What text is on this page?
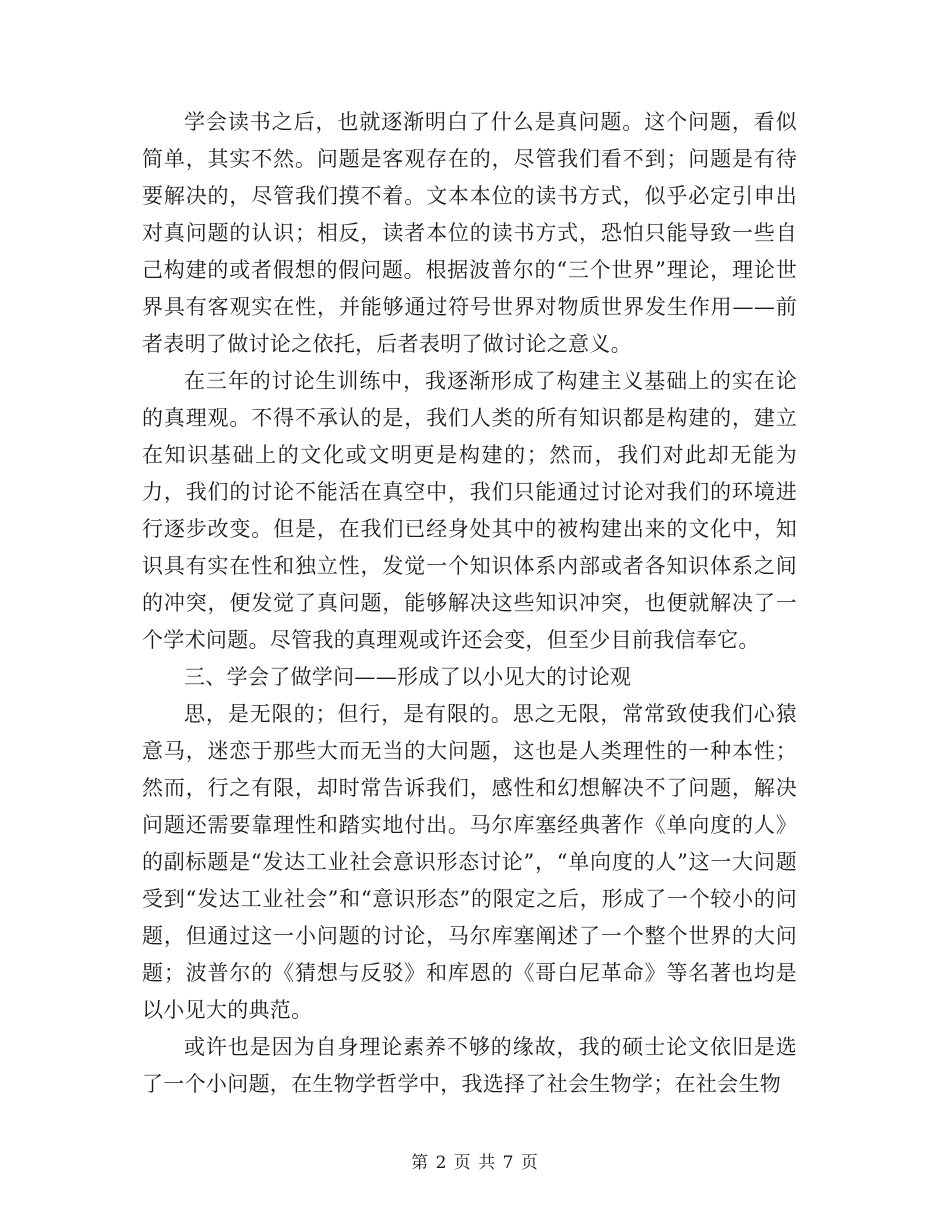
学会读书之后，也就逐渐明白了什么是真问题。这个问题，看似简单，其实不然。问题是客观存在的，尽管我们看不到；问题是有待要解决的，尽管我们摸不着。文本本位的读书方式，似乎必定引申出对真问题的认识；相反，读者本位的读书方式，恐怕只能导致一些自己构建的或者假想的假问题。根据波普尔的“三个世界”理论，理论世界具有客观实在性，并能够通过符号世界对物质世界发生作用——前者表明了做讨论之依托，后者表明了做讨论之意义。

在三年的讨论生训练中，我逐渐形成了构建主义基础上的实在论的真理观。不得不承认的是，我们人类的所有知识都是构建的，建立在知识基础上的文化或文明更是构建的；然而，我们对此却无能为力，我们的讨论不能活在真空中，我们只能通过讨论对我们的环境进行逐步改变。但是，在我们已经身处其中的被构建出来的文化中，知识具有实在性和独立性，发觉一个知识体系内部或者各知识体系之间的冲突，便发觉了真问题，能够解决这些知识冲突，也便就解决了一个学术问题。尽管我的真理观或许还会变，但至少目前我信奉它。

三、学会了做学问——形成了以小见大的讨论观

思，是无限的；但行，是有限的。思之无限，常常致使我们心猿意马，迷恋于那些大而无当的大问题，这也是人类理性的一种本性；然而，行之有限，却时常告诉我们，感性和幻想解决不了问题，解决问题还需要靠理性和踏实地付出。马尔库塞经典著作《单向度的人》的副标题是“发达工业社会意识形态讨论”，“单向度的人”这一大问题受到“发达工业社会”和“意识形态”的限定之后，形成了一个较小的问题，但通过这一小问题的讨论，马尔库塞阐述了一个整个世界的大问题；波普尔的《猜想与反驳》和库恩的《哥白尼革命》等名著也均是以小见大的典范。

或许也是因为自身理论素养不够的缘故，我的硕士论文依旧是选了一个小问题，在生物学哲学中，我选择了社会生物学；在社会生物

第 2 页 共 7 页
